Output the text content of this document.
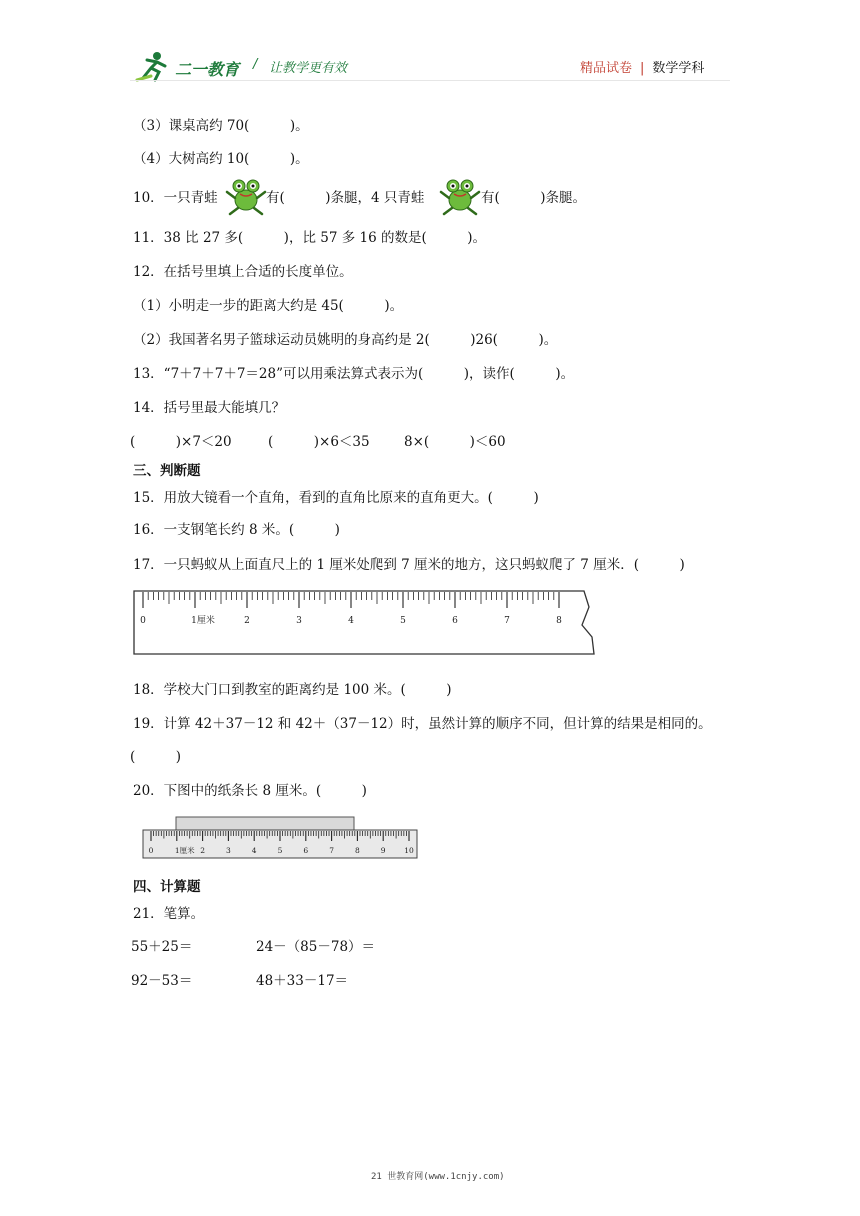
二一教育 / 让教学更有效	精品试卷 | 数学学科
（3）课桌高约 70(　　　)。
（4）大树高约 10(　　　)。
10．一只青蛙	有(　　　)条腿，4 只青蛙	有(　　　)条腿。
11．38 比 27 多(　　　)，比 57 多 16 的数是(　　　)。
12．在括号里填上合适的长度单位。
（1）小明走一步的距离大约是 45(　　　)。
（2）我国著名男子篮球运动员姚明的身高约是 2(　　　)26(　　　)。
13．“7＋7＋7＋7＝28”可以用乘法算式表示为(　　　)，读作(　　　)。
14．括号里最大能填几？
(　　　)×7＜20	(　　　)×6＜35	8×(　　　)＜60
三、判断题
15．用放大镜看一个直角，看到的直角比原来的直角更大。(　　　)
16．一支钢笔长约 8 米。(　　　)
17．一只蚂蚁从上面直尺上的 1 厘米处爬到 7 厘米的地方，这只蚂蚁爬了 7 厘米．(　　　)
0	1厘米	2	3	4	5	6	7	8
18．学校大门口到教室的距离约是 100 米。(　　　)
19．计算 42＋37－12 和 42＋（37－12）时，虽然计算的顺序不同，但计算的结果是相同的。
(　　　)
20．下图中的纸条长 8 厘米。(　　　)
0	1厘米 2	3	4	5	6	7	8	9 10
四、计算题
21．笔算。
55＋25＝	24－（85－78）＝
92－53＝	48＋33－17＝
21 世教育网(www.1cnjy.com)
